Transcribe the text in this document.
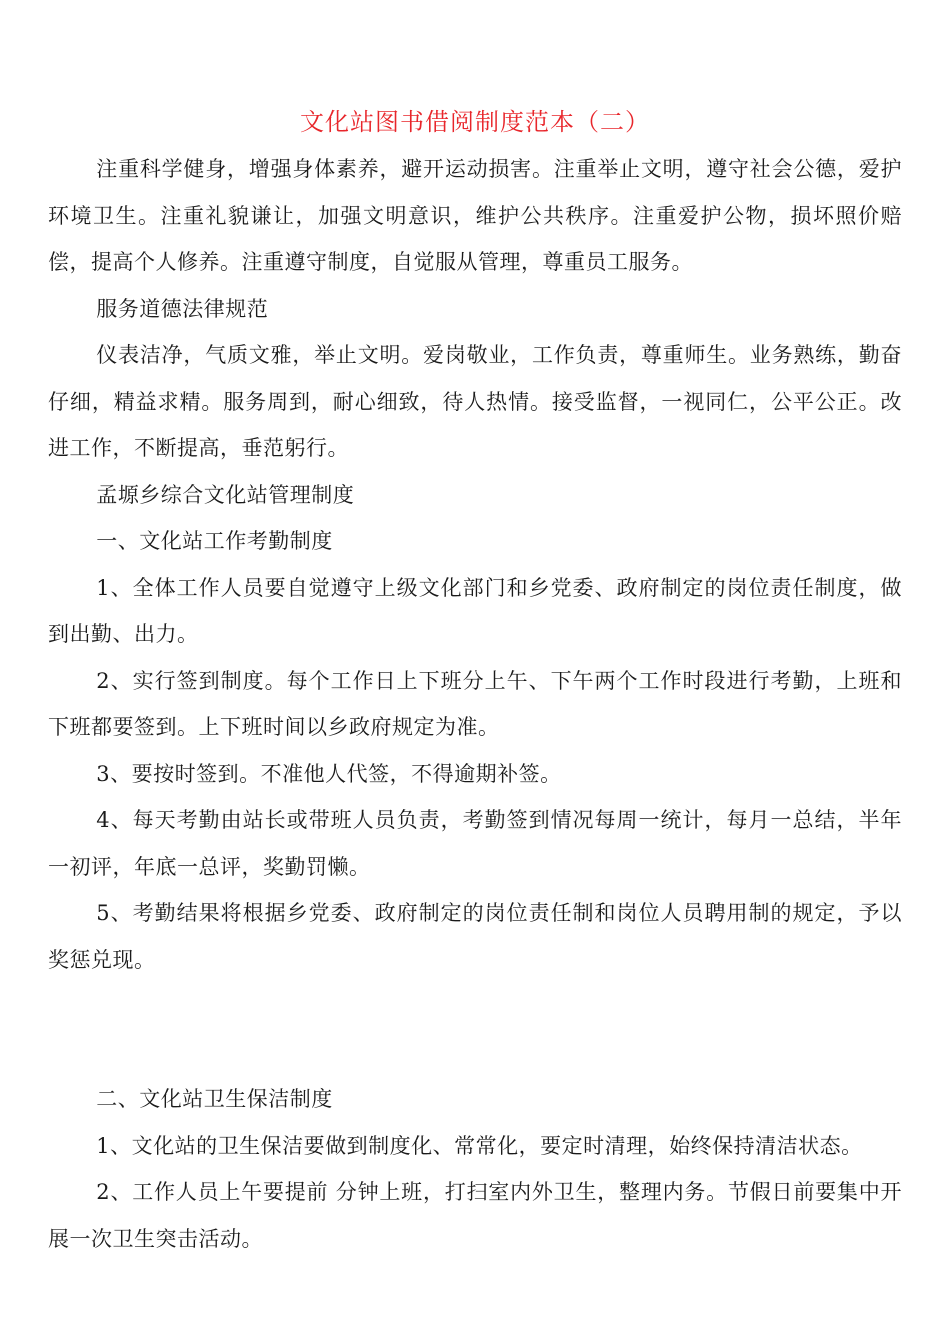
文化站图书借阅制度范本（二）

注重科学健身，增强身体素养，避开运动损害。注重举止文明，遵守社会公德，爱护环境卫生。注重礼貌谦让，加强文明意识，维护公共秩序。注重爱护公物，损坏照价赔偿，提高个人修养。注重遵守制度，自觉服从管理，尊重员工服务。

服务道德法律规范

仪表洁净，气质文雅，举止文明。爱岗敬业，工作负责，尊重师生。业务熟练，勤奋仔细，精益求精。服务周到，耐心细致，待人热情。接受监督，一视同仁，公平公正。改进工作，不断提高，垂范躬行。

孟塬乡综合文化站管理制度

一、文化站工作考勤制度

1、全体工作人员要自觉遵守上级文化部门和乡党委、政府制定的岗位责任制度，做到出勤、出力。

2、实行签到制度。每个工作日上下班分上午、下午两个工作时段进行考勤，上班和下班都要签到。上下班时间以乡政府规定为准。

3、要按时签到。不准他人代签，不得逾期补签。

4、每天考勤由站长或带班人员负责，考勤签到情况每周一统计，每月一总结，半年一初评，年底一总评，奖勤罚懒。

5、考勤结果将根据乡党委、政府制定的岗位责任制和岗位人员聘用制的规定，予以奖惩兑现。

二、文化站卫生保洁制度

1、文化站的卫生保洁要做到制度化、常常化，要定时清理，始终保持清洁状态。

2、工作人员上午要提前 分钟上班，打扫室内外卫生，整理内务。节假日前要集中开展一次卫生突击活动。
